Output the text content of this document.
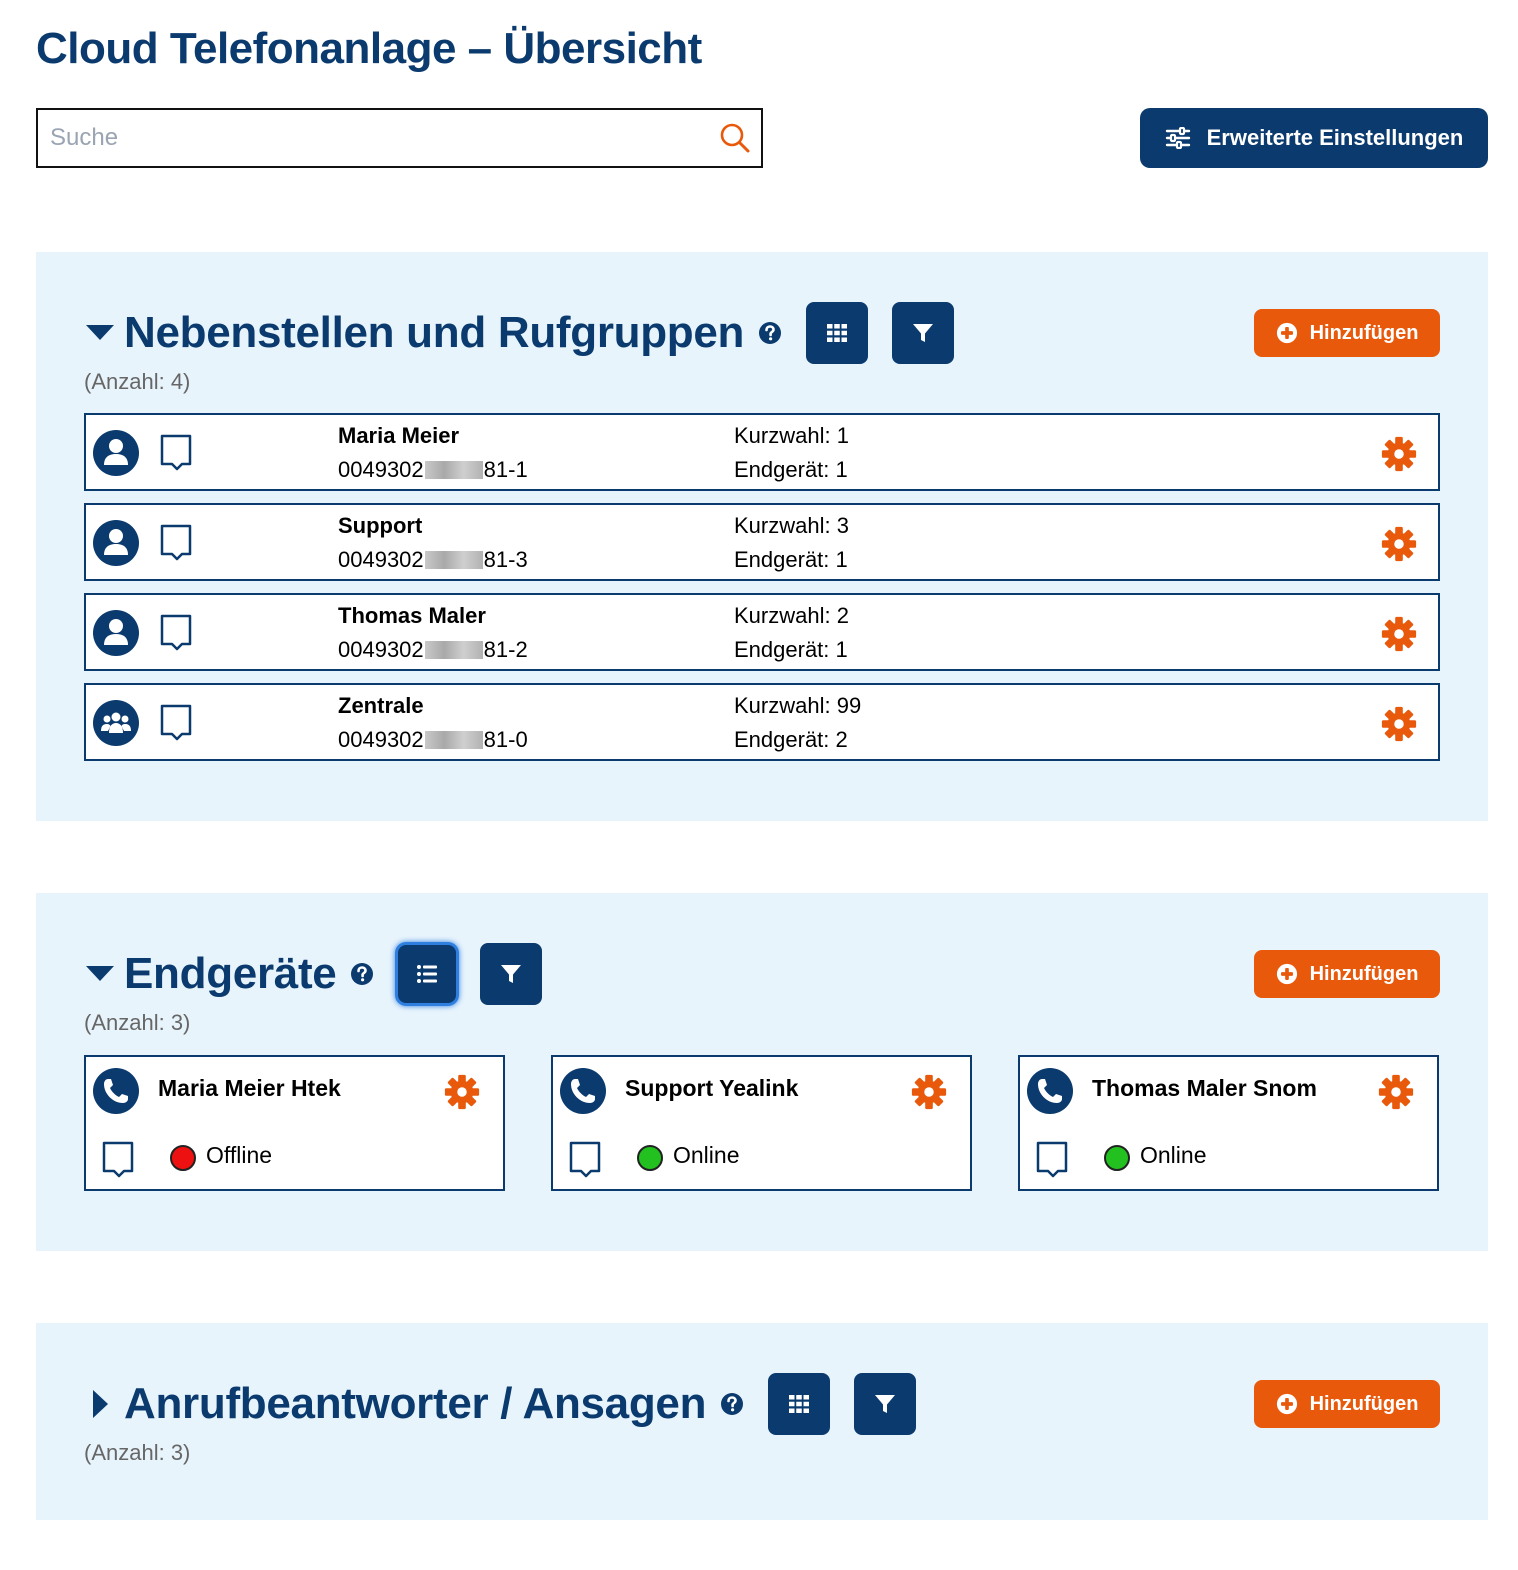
Cloud Telefonanlage – Übersicht
Suche
Erweiterte Einstellungen
Nebenstellen und Rufgruppen	Hinzufügen
(Anzahl: 4)
Maria Meier
0049302	81-1
Kurzwahl: 1
Endgerät: 1
Support
0049302	81-3
Kurzwahl: 3
Endgerät: 1
Thomas Maler
0049302	81-2
Kurzwahl: 2
Endgerät: 1
Zentrale
0049302	81-0
Kurzwahl: 99
Endgerät: 2
Endgeräte	Hinzufügen
(Anzahl: 3)
Maria Meier Htek
Offline
Support Yealink
Online
Thomas Maler Snom
Online
Anrufbeantworter / Ansagen	Hinzufügen
(Anzahl: 3)
